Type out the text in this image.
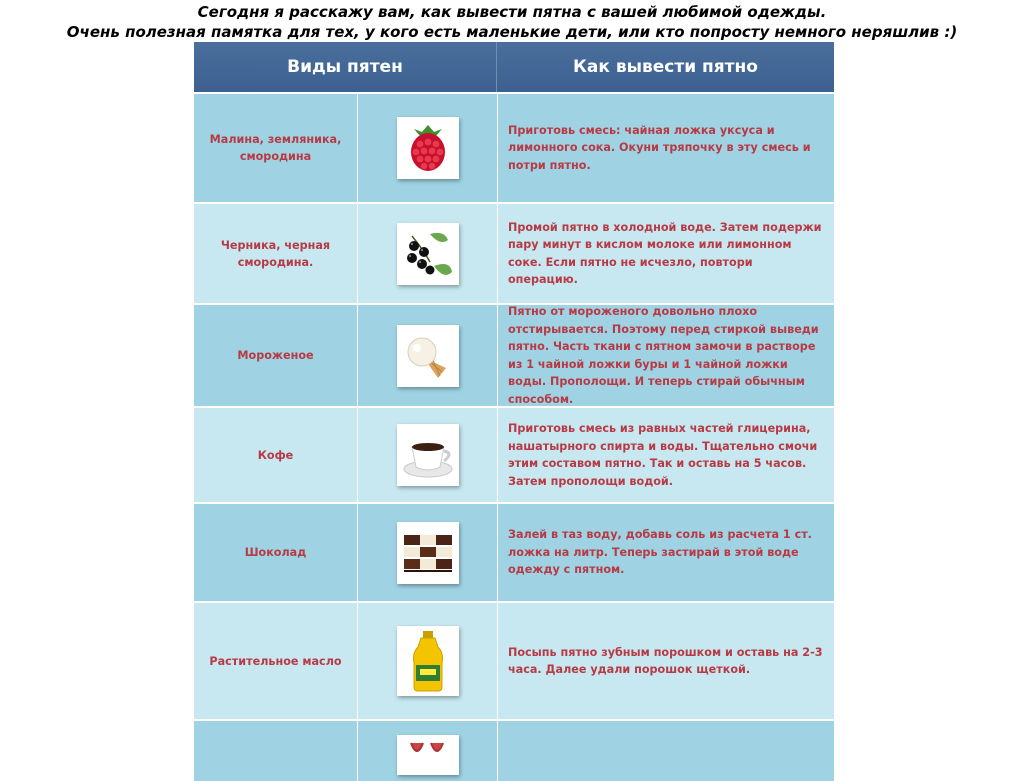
Сегодня я расскажу вам, как вывести пятна с вашей любимой одежды.
Очень полезная памятка для тех, у кого есть маленькие дети, или кто попросту немного неряшлив :)
Виды пятен	Как вывести пятно
Малина, земляника, смородина
Приготовь смесь: чайная ложка уксуса и лимонного сока. Окуни тряпочку в эту смесь и потри пятно.
Черника, черная смородина.
Промой пятно в холодной воде. Затем подержи пару минут в кислом молоке или лимонном соке. Если пятно не исчезло, повтори операцию.
Мороженое
Пятно от мороженого довольно плохо отстирывается. Поэтому перед стиркой выведи пятно. Часть ткани с пятном замочи в растворе из 1 чайной ложки буры и 1 чайной ложки воды. Прополощи. И теперь стирай обычным способом.
Кофе
Приготовь смесь из равных частей глицерина, нашатырного спирта и воды. Тщательно смочи этим составом пятно. Так и оставь на 5 часов. Затем прополощи водой.
Шоколад
Залей в таз воду, добавь соль из расчета 1 ст. ложка на литр. Теперь застирай в этой воде одежду с пятном.
Растительное масло
Посыпь пятно зубным порошком и оставь на 2-3 часа. Далее удали порошок щеткой.
